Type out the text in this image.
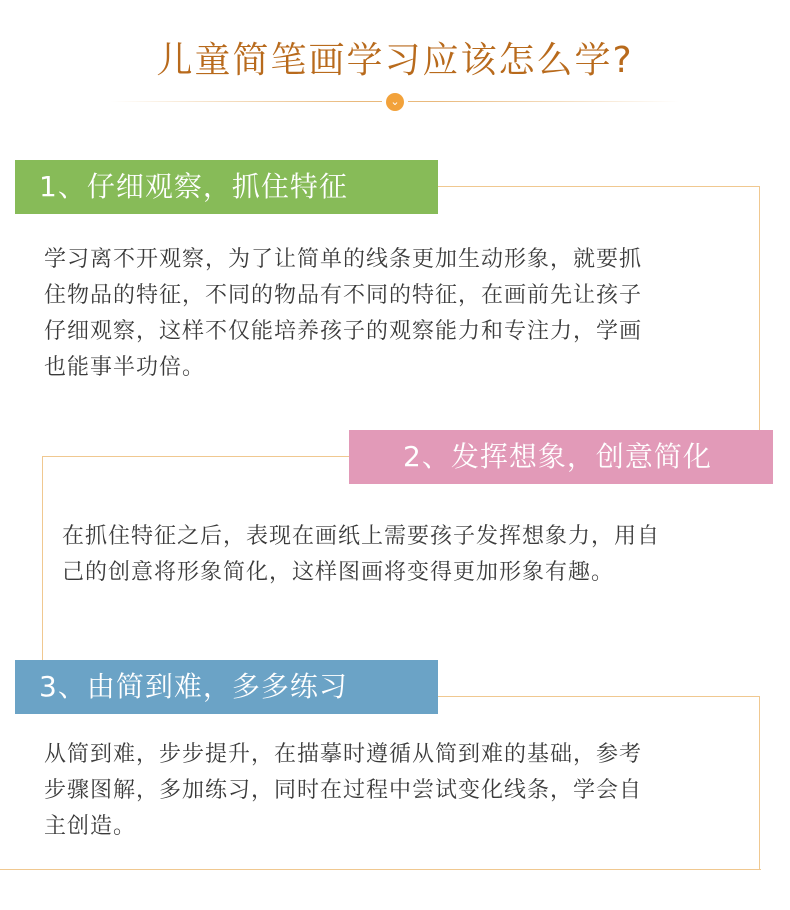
儿童简笔画学习应该怎么学?
⌄
1、仔细观察，抓住特征
学习离不开观察，为了让简单的线条更加生动形象，就要抓
住物品的特征，不同的物品有不同的特征，在画前先让孩子
仔细观察，这样不仅能培养孩子的观察能力和专注力，学画
也能事半功倍。
2、发挥想象，创意简化
在抓住特征之后，表现在画纸上需要孩子发挥想象力，用自
己的创意将形象简化，这样图画将变得更加形象有趣。
3、由简到难，多多练习
从简到难，步步提升，在描摹时遵循从简到难的基础，参考
步骤图解，多加练习，同时在过程中尝试变化线条，学会自
主创造。
